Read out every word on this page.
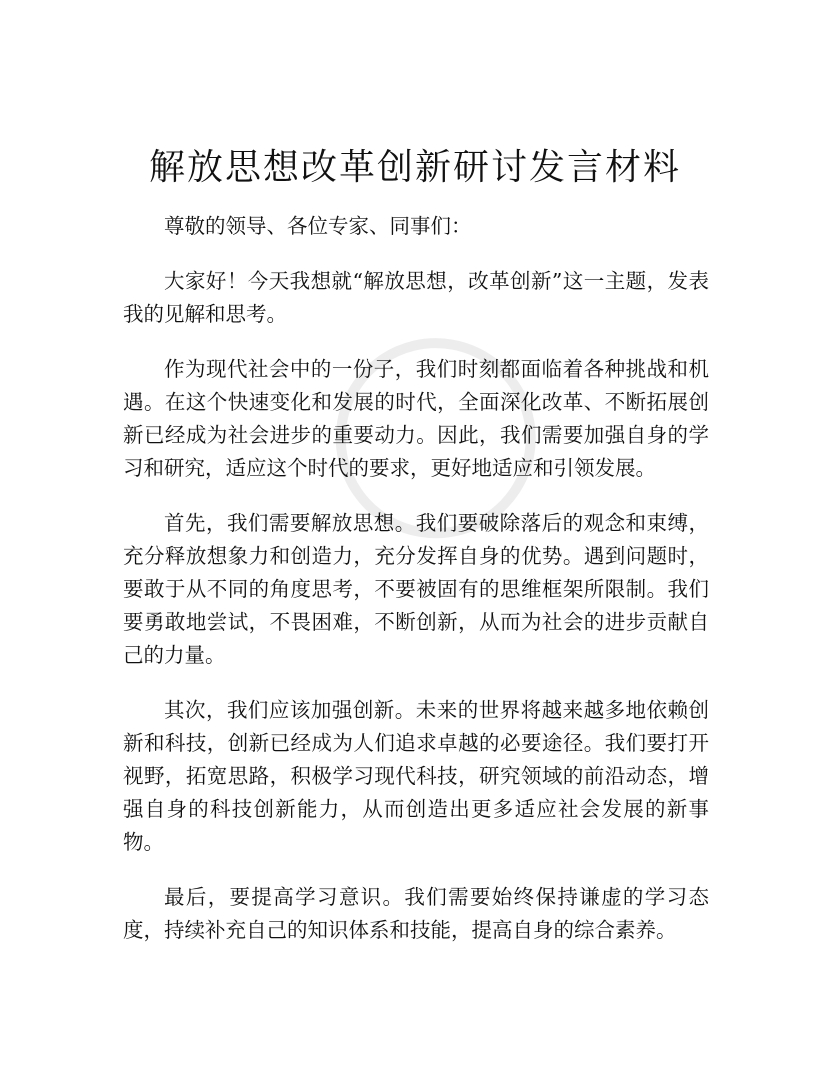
解放思想改革创新研讨发言材料

尊敬的领导、各位专家、同事们：

大家好！今天我想就“解放思想，改革创新”这一主题，发表我的见解和思考。

作为现代社会中的一份子，我们时刻都面临着各种挑战和机遇。在这个快速变化和发展的时代，全面深化改革、不断拓展创新已经成为社会进步的重要动力。因此，我们需要加强自身的学习和研究，适应这个时代的要求，更好地适应和引领发展。

首先，我们需要解放思想。我们要破除落后的观念和束缚，充分释放想象力和创造力，充分发挥自身的优势。遇到问题时，要敢于从不同的角度思考，不要被固有的思维框架所限制。我们要勇敢地尝试，不畏困难，不断创新，从而为社会的进步贡献自己的力量。

其次，我们应该加强创新。未来的世界将越来越多地依赖创新和科技，创新已经成为人们追求卓越的必要途径。我们要打开视野，拓宽思路，积极学习现代科技，研究领域的前沿动态，增强自身的科技创新能力，从而创造出更多适应社会发展的新事物。

最后，要提高学习意识。我们需要始终保持谦虚的学习态度，持续补充自己的知识体系和技能，提高自身的综合素养。
